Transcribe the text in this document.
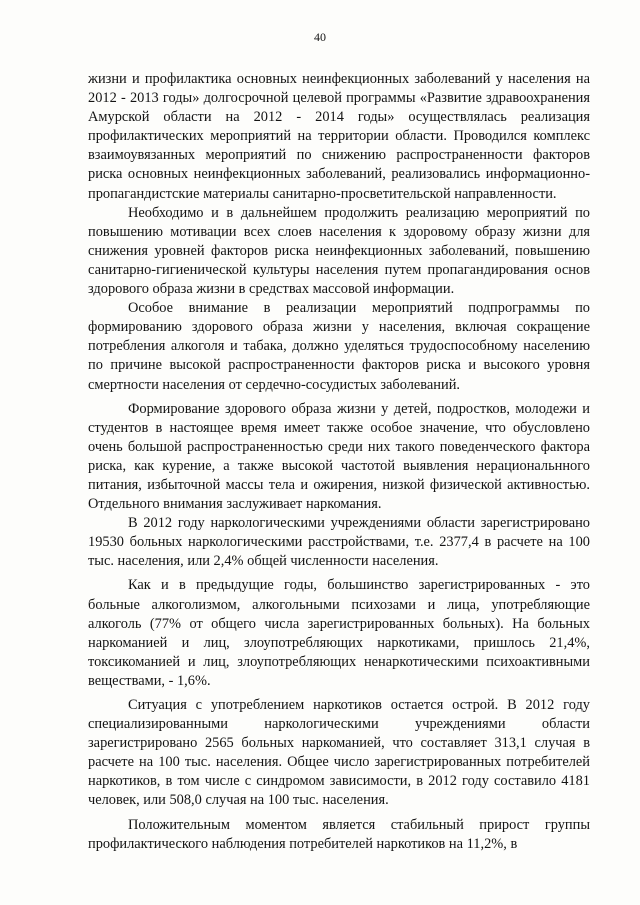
40

жизни и профилактика основных неинфекционных заболеваний у населения на 2012 - 2013 годы» долгосрочной целевой программы «Развитие здравоохранения Амурской области на 2012 - 2014 годы» осуществлялась реализация профилактических мероприятий на территории области. Проводился комплекс взаимоувязанных мероприятий по снижению распространенности факторов риска основных неинфекционных заболеваний, реализовались информационно-пропагандистские материалы санитарно-просветительской направленности.

Необходимо и в дальнейшем продолжить реализацию мероприятий по повышению мотивации всех слоев населения к здоровому образу жизни для снижения уровней факторов риска неинфекционных заболеваний, повышению санитарно-гигиенической культуры населения путем пропагандирования основ здорового образа жизни в средствах массовой информации.

Особое внимание в реализации мероприятий подпрограммы по формированию здорового образа жизни у населения, включая сокращение потребления алкоголя и табака, должно уделяться трудоспособному населению по причине высокой распространенности факторов риска и высокого уровня смертности населения от сердечно-сосудистых заболеваний.

Формирование здорового образа жизни у детей, подростков, молодежи и студентов в настоящее время имеет также особое значение, что обусловлено очень большой распространенностью среди них такого поведенческого фактора риска, как курение, а также высокой частотой выявления нерациональнного питания, избыточной массы тела и ожирения, низкой физической активностью. Отдельного внимания заслуживает наркомания.

В 2012 году наркологическими учреждениями области зарегистрировано 19530 больных наркологическими расстройствами, т.е. 2377,4 в расчете на 100 тыс. населения, или 2,4% общей численности населения.

Как и в предыдущие годы, большинство зарегистрированных - это больные алкоголизмом, алкогольными психозами и лица, употребляющие алкоголь (77% от общего числа зарегистрированных больных). На больных наркоманией и лиц, злоупотребляющих наркотиками, пришлось 21,4%, токсикоманией и лиц, злоупотребляющих ненаркотическими психоактивными веществами, - 1,6%.

Ситуация с употреблением наркотиков остается острой. В 2012 году специализированными наркологическими учреждениями области зарегистрировано 2565 больных наркоманией, что составляет 313,1 случая в расчете на 100 тыс. населения. Общее число зарегистрированных потребителей наркотиков, в том числе с синдромом зависимости, в 2012 году составило 4181 человек, или 508,0 случая на 100 тыс. населения.

Положительным моментом является стабильный прирост группы профилактического наблюдения потребителей наркотиков на 11,2%, в
